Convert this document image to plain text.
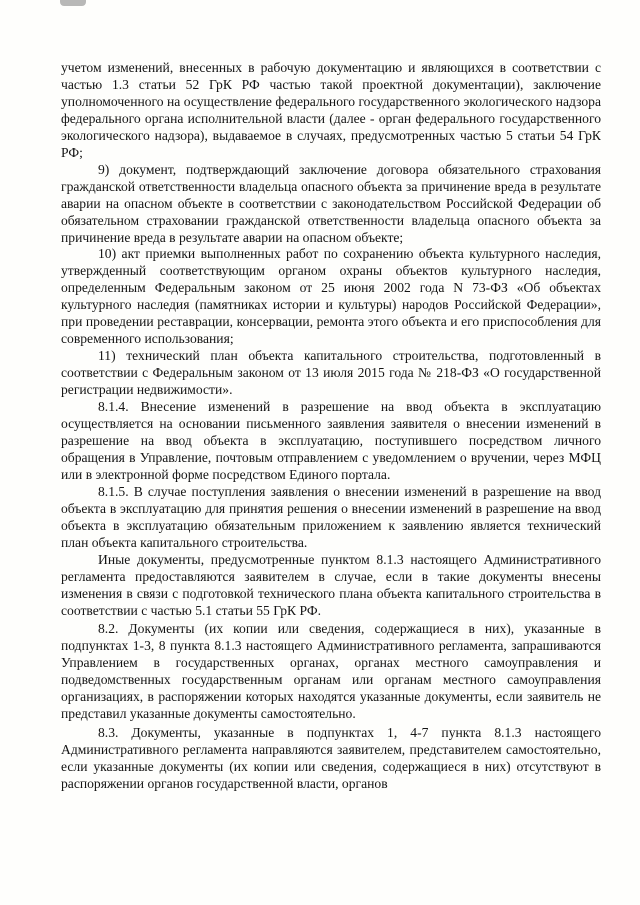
учетом изменений, внесенных в рабочую документацию и являющихся в соответствии с частью 1.3 статьи 52 ГрК РФ частью такой проектной документации), заключение уполномоченного на осуществление федерального государственного экологического надзора федерального органа исполнительной власти (далее - орган федерального государственного экологического надзора), выдаваемое в случаях, предусмотренных частью 5 статьи 54 ГрК РФ;

9) документ, подтверждающий заключение договора обязательного страхования гражданской ответственности владельца опасного объекта за причинение вреда в результате аварии на опасном объекте в соответствии с законодательством Российской Федерации об обязательном страховании гражданской ответственности владельца опасного объекта за причинение вреда в результате аварии на опасном объекте;

10) акт приемки выполненных работ по сохранению объекта культурного наследия, утвержденный соответствующим органом охраны объектов культурного наследия, определенным Федеральным законом от 25 июня 2002 года N 73-ФЗ «Об объектах культурного наследия (памятниках истории и культуры) народов Российской Федерации», при проведении реставрации, консервации, ремонта этого объекта и его приспособления для современного использования;

11) технический план объекта капитального строительства, подготовленный в соответствии с Федеральным законом от 13 июля 2015 года № 218-ФЗ «О государственной регистрации недвижимости».

8.1.4. Внесение изменений в разрешение на ввод объекта в эксплуатацию осуществляется на основании письменного заявления заявителя о внесении изменений в разрешение на ввод объекта в эксплуатацию, поступившего посредством личного обращения в Управление, почтовым отправлением с уведомлением о вручении, через МФЦ или в электронной форме посредством Единого портала.

8.1.5. В случае поступления заявления о внесении изменений в разрешение на ввод объекта в эксплуатацию для принятия решения о внесении изменений в разрешение на ввод объекта в эксплуатацию обязательным приложением к заявлению является технический план объекта капитального строительства.

Иные документы, предусмотренные пунктом 8.1.3 настоящего Административного регламента предоставляются заявителем в случае, если в такие документы внесены изменения в связи с подготовкой технического плана объекта капитального строительства в соответствии с частью 5.1 статьи 55 ГрК РФ.

8.2. Документы (их копии или сведения, содержащиеся в них), указанные в подпунктах 1-3, 8 пункта 8.1.3 настоящего Административного регламента, запрашиваются Управлением в государственных органах, органах местного самоуправления и подведомственных государственным органам или органам местного самоуправления организациях, в распоряжении которых находятся указанные документы, если заявитель не представил указанные документы самостоятельно.

8.3. Документы, указанные в подпунктах 1, 4-7 пункта 8.1.3 настоящего Административного регламента направляются заявителем, представителем самостоятельно, если указанные документы (их копии или сведения, содержащиеся в них) отсутствуют в распоряжении органов государственной власти, органов
